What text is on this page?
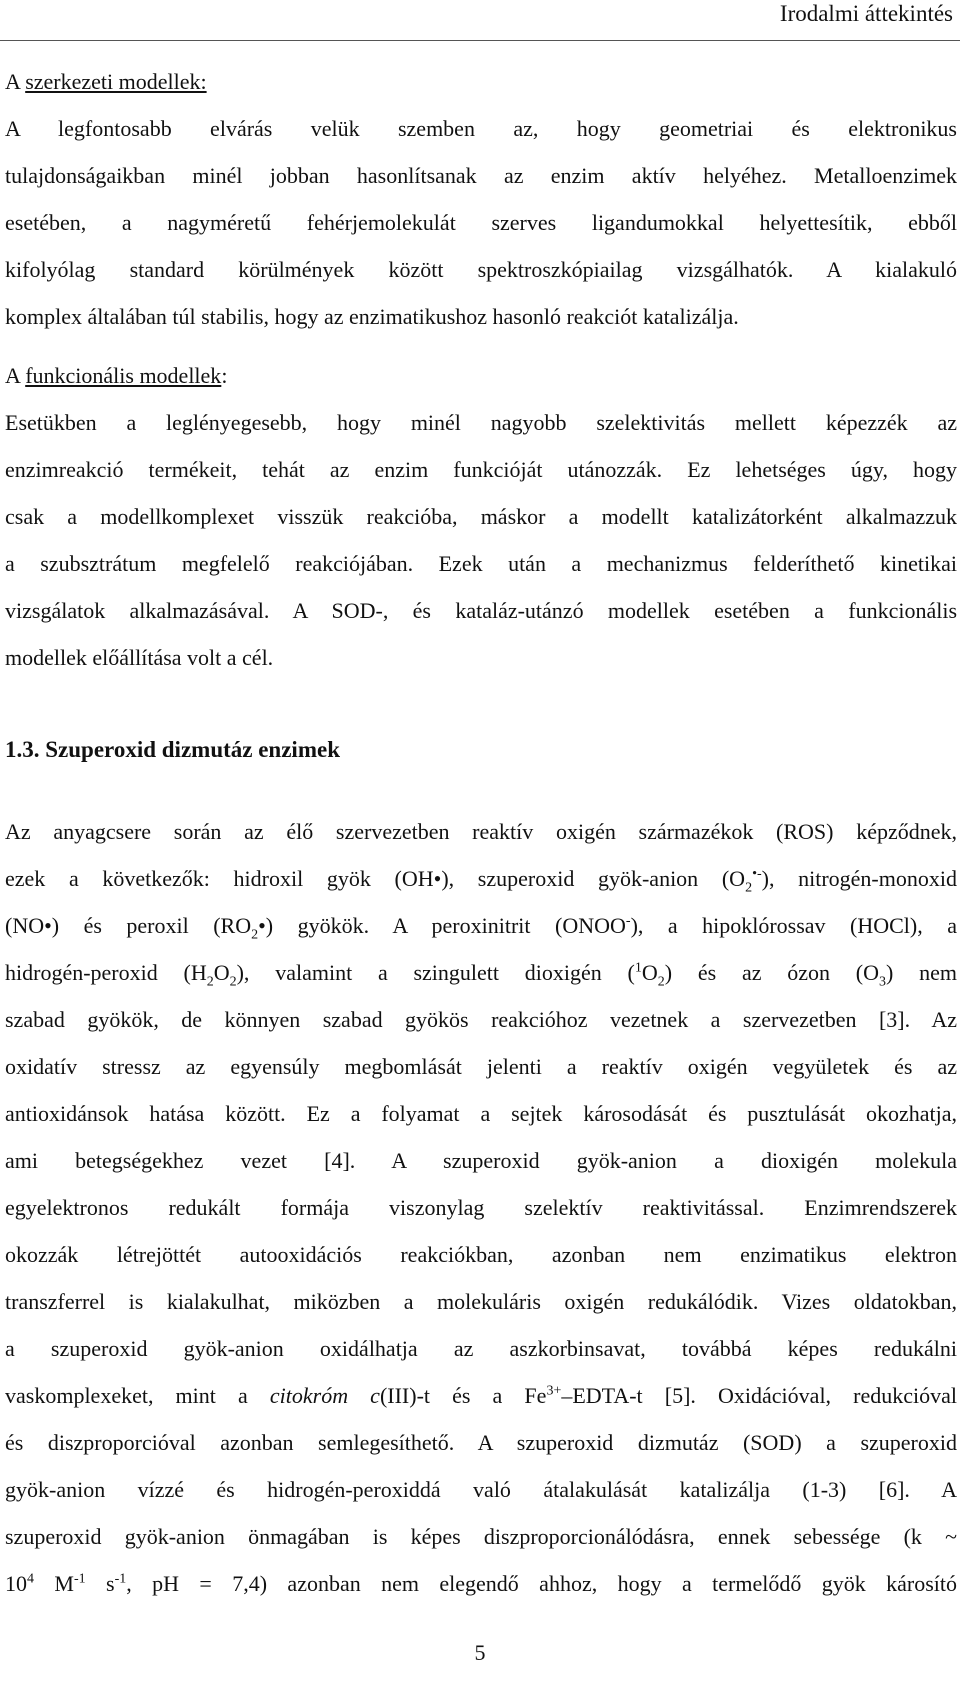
Irodalmi áttekintés
A szerkezeti modellek:
A legfontosabb elvárás velük szemben az, hogy geometriai és elektronikus
tulajdonságaikban minél jobban hasonlítsanak az enzim aktív helyéhez. Metalloenzimek
esetében, a nagyméretű fehérjemolekulát szerves ligandumokkal helyettesítik, ebből
kifolyólag standard körülmények között spektroszkópiailag vizsgálhatók. A kialakuló
komplex általában túl stabilis, hogy az enzimatikushoz hasonló reakciót katalizálja.
A funkcionális modellek:
Esetükben a leglényegesebb, hogy minél nagyobb szelektivitás mellett képezzék az
enzimreakció termékeit, tehát az enzim funkcióját utánozzák. Ez lehetséges úgy, hogy
csak a modellkomplexet visszük reakcióba, máskor a modellt katalizátorként alkalmazzuk
a szubsztrátum megfelelő reakciójában. Ezek után a mechanizmus felderíthető kinetikai
vizsgálatok alkalmazásával. A SOD-, és kataláz-utánzó modellek esetében a funkcionális
modellek előállítása volt a cél.
1.3. Szuperoxid dizmutáz enzimek
Az anyagcsere során az élő szervezetben reaktív oxigén származékok (ROS) képződnek,
ezek a következők: hidroxil gyök (OH•), szuperoxid gyök-anion $(O_2^{•-})$, nitrogén-monoxid
(NO•) és peroxil $(RO_2•)$ gyökök. A peroxinitrit (ONOO-), a hipoklórossav (HOCl), a
hidrogén-peroxid $(H_2O_2)$, valamint a szingulett dioxigén $(^1O_2)$ és az ózon $(O_3)$ nem
szabad gyökök, de könnyen szabad gyökös reakcióhoz vezetnek a szervezetben [3]. Az
oxidatív stressz az egyensúly megbomlását jelenti a reaktív oxigén vegyületek és az
antioxidánsok hatása között. Ez a folyamat a sejtek károsodását és pusztulását okozhatja,
ami betegségekhez vezet [4]. A szuperoxid gyök-anion a dioxigén molekula
egyelektronos redukált formája viszonylag szelektív reaktivitással. Enzimrendszerek
okozzák létrejöttét autooxidációs reakciókban, azonban nem enzimatikus elektron
transzferrel is kialakulhat, miközben a molekuláris oxigén redukálódik. Vizes oldatokban,
a szuperoxid gyök-anion oxidálhatja az aszkorbinsavat, továbbá képes redukálni
vaskomplexeket, mint a citokróm c(III)-t és a $Fe^{3+}-EDTA-t$ [5]. Oxidációval, redukcióval
és diszproporcióval azonban semlegesíthető. A szuperoxid dizmutáz (SOD) a szuperoxid
gyök-anion vízzé és hidrogén-peroxiddá való átalakulását katalizálja (1-3) [6]. A
szuperoxid gyök-anion önmagában is képes diszproporcionálódásra, ennek sebessége (k ~
$10^4$ $M^{-1}$ $s^{-1}$, pH = 7,4) azonban nem elegendő ahhoz, hogy a termelődő gyök károsító
5
